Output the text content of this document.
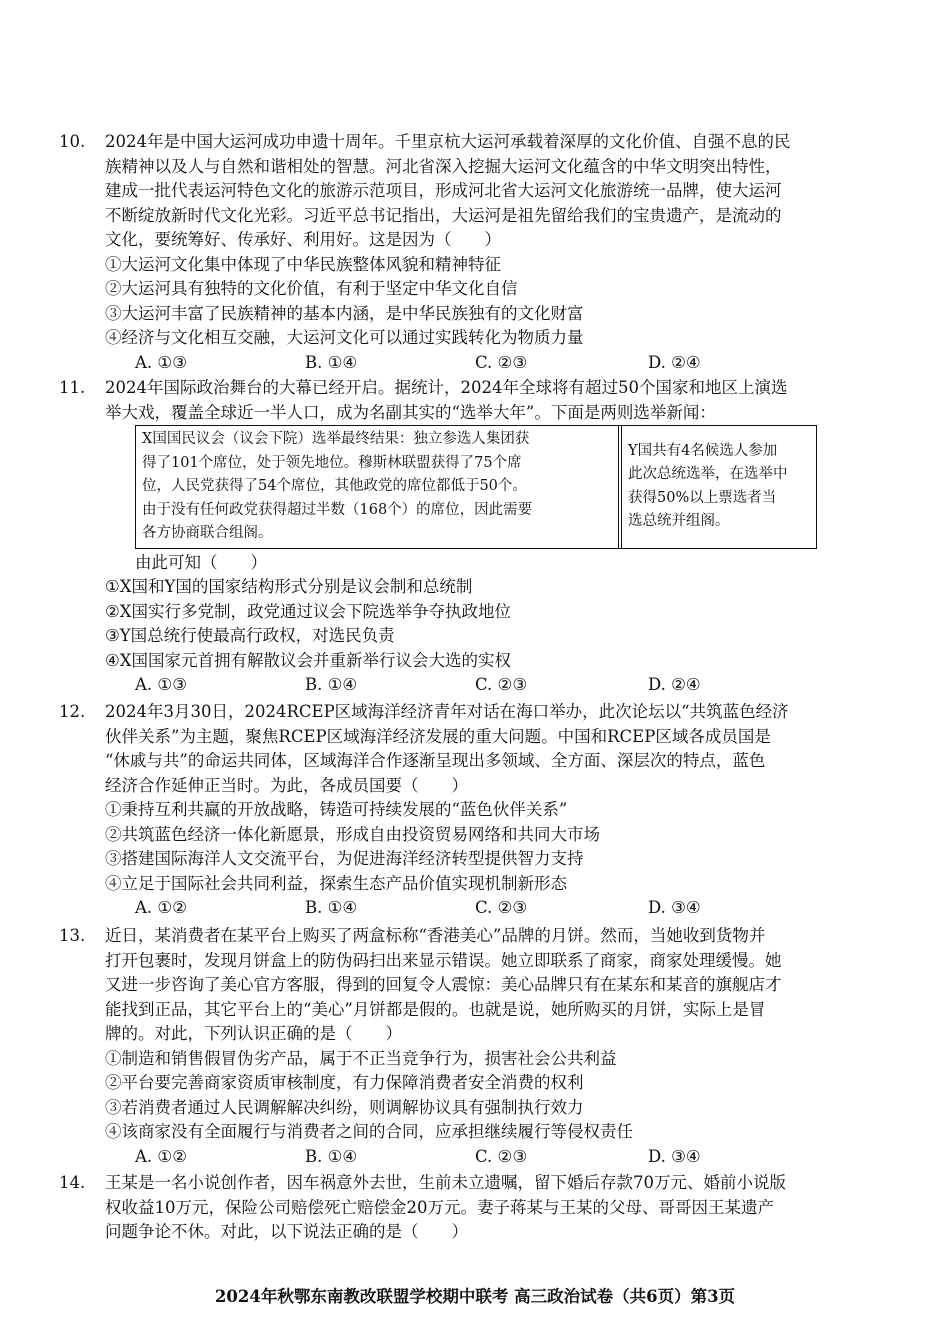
10. 2024年是中国大运河成功申遗十周年。千里京杭大运河承载着深厚的文化价值、自强不息的民

族精神以及人与自然和谐相处的智慧。河北省深入挖掘大运河文化蕴含的中华文明突出特性，

建成一批代表运河特色文化的旅游示范项目，形成河北省大运河文化旅游统一品牌，使大运河

不断绽放新时代文化光彩。习近平总书记指出，大运河是祖先留给我们的宝贵遗产，是流动的

文化，要统筹好、传承好、利用好。这是因为（　　）

①大运河文化集中体现了中华民族整体风貌和精神特征

②大运河具有独特的文化价值，有利于坚定中华文化自信

③大运河丰富了民族精神的基本内涵，是中华民族独有的文化财富

④经济与文化相互交融，大运河文化可以通过实践转化为物质力量

A. ①③	B. ①④	C. ②③	D. ②④
11. 2024年国际政治舞台的大幕已经开启。据统计，2024年全球将有超过50个国家和地区上演选

举大戏，覆盖全球近一半人口，成为名副其实的“选举大年”。下面是两则选举新闻：

X国国民议会（议会下院）选举最终结果：独立参选人集团获
得了101个席位，处于领先地位。穆斯林联盟获得了75个席
位，人民党获得了54个席位，其他政党的席位都低于50个。
由于没有任何政党获得超过半数（168个）的席位，因此需要
各方协商联合组阁。
Y国共有4名候选人参加
此次总统选举，在选举中
获得50%以上票选者当
选总统并组阁。

由此可知（　　）

①X国和Y国的国家结构形式分别是议会制和总统制

②X国实行多党制，政党通过议会下院选举争夺执政地位

③Y国总统行使最高行政权，对选民负责

④X国国家元首拥有解散议会并重新举行议会大选的实权

A. ①③	B. ①④	C. ②③	D. ②④
12. 2024年3月30日，2024RCEP区域海洋经济青年对话在海口举办，此次论坛以“共筑蓝色经济

伙伴关系”为主题，聚焦RCEP区域海洋经济发展的重大问题。中国和RCEP区域各成员国是

“休戚与共”的命运共同体，区域海洋合作逐渐呈现出多领域、全方面、深层次的特点，蓝色

经济合作延伸正当时。为此，各成员国要（　　）

①秉持互利共赢的开放战略，铸造可持续发展的“蓝色伙伴关系”

②共筑蓝色经济一体化新愿景，形成自由投资贸易网络和共同大市场

③搭建国际海洋人文交流平台，为促进海洋经济转型提供智力支持

④立足于国际社会共同利益，探索生态产品价值实现机制新形态

A. ①②	B. ①④	C. ②③	D. ③④
13. 近日，某消费者在某平台上购买了两盒标称“香港美心”品牌的月饼。然而，当她收到货物并

打开包裹时，发现月饼盒上的防伪码扫出来显示错误。她立即联系了商家，商家处理缓慢。她

又进一步咨询了美心官方客服，得到的回复令人震惊：美心品牌只有在某东和某音的旗舰店才

能找到正品，其它平台上的“美心”月饼都是假的。也就是说，她所购买的月饼，实际上是冒

牌的。对此，下列认识正确的是（　　）

①制造和销售假冒伪劣产品，属于不正当竞争行为，损害社会公共利益

②平台要完善商家资质审核制度，有力保障消费者安全消费的权利

③若消费者通过人民调解解决纠纷，则调解协议具有强制执行效力

④该商家没有全面履行与消费者之间的合同，应承担继续履行等侵权责任

A. ①②	B. ①④	C. ②③	D. ③④
14. 王某是一名小说创作者，因车祸意外去世，生前未立遗嘱，留下婚后存款70万元、婚前小说版

权收益10万元，保险公司赔偿死亡赔偿金20万元。妻子蒋某与王某的父母、哥哥因王某遗产

问题争论不休。对此，以下说法正确的是（　　）

2024年秋鄂东南教改联盟学校期中联考 高三政治试卷（共6页）第3页
